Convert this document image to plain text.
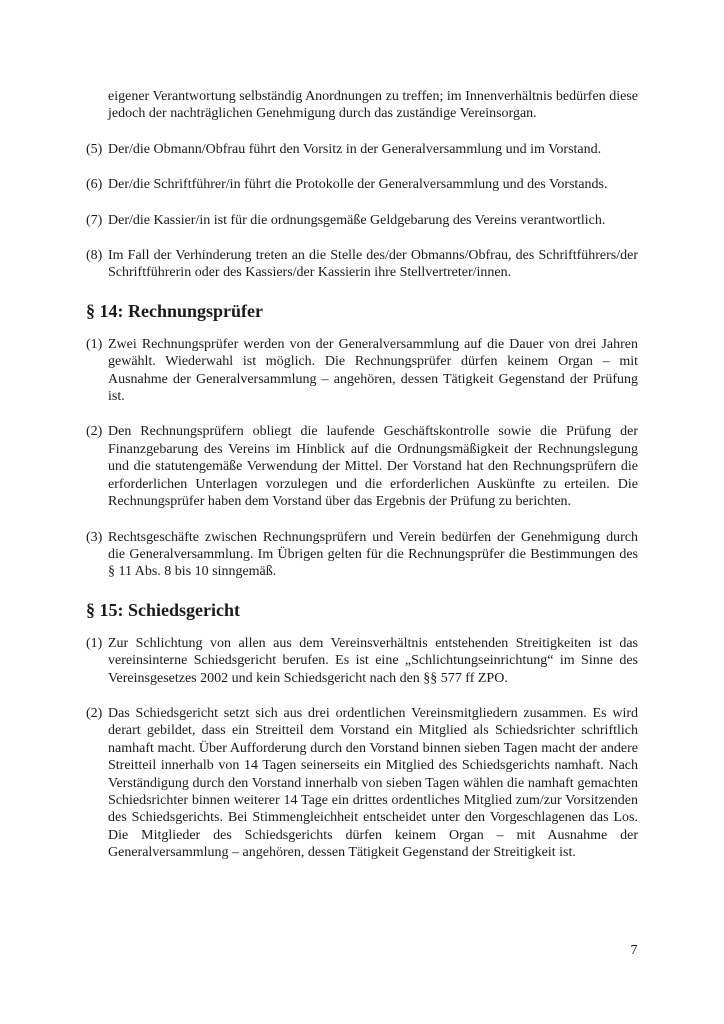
eigener Verantwortung selbständig Anordnungen zu treffen; im Innenverhältnis bedürfen diese jedoch der nachträglichen Genehmigung durch das zuständige Vereinsorgan.

(5) Der/die Obmann/Obfrau führt den Vorsitz in der Generalversammlung und im Vorstand.
(6) Der/die Schriftführer/in führt die Protokolle der Generalversammlung und des Vorstands.
(7) Der/die Kassier/in ist für die ordnungsgemäße Geldgebarung des Vereins verantwortlich.
(8) Im Fall der Verhinderung treten an die Stelle des/der Obmanns/Obfrau, des Schriftführers/der Schriftführerin oder des Kassiers/der Kassierin ihre Stellvertreter/innen.
§ 14: Rechnungsprüfer
(1) Zwei Rechnungsprüfer werden von der Generalversammlung auf die Dauer von drei Jahren gewählt. Wiederwahl ist möglich. Die Rechnungsprüfer dürfen keinem Organ – mit Ausnahme der Generalversammlung – angehören, dessen Tätigkeit Gegenstand der Prüfung ist.
(2) Den Rechnungsprüfern obliegt die laufende Geschäftskontrolle sowie die Prüfung der Finanzgebarung des Vereins im Hinblick auf die Ordnungsmäßigkeit der Rechnungslegung und die statutengemäße Verwendung der Mittel. Der Vorstand hat den Rechnungsprüfern die erforderlichen Unterlagen vorzulegen und die erforderlichen Auskünfte zu erteilen. Die Rechnungsprüfer haben dem Vorstand über das Ergebnis der Prüfung zu berichten.
(3) Rechtsgeschäfte zwischen Rechnungsprüfern und Verein bedürfen der Genehmigung durch die Generalversammlung. Im Übrigen gelten für die Rechnungsprüfer die Bestimmungen des § 11 Abs. 8 bis 10 sinngemäß.
§ 15: Schiedsgericht
(1) Zur Schlichtung von allen aus dem Vereinsverhältnis entstehenden Streitigkeiten ist das vereinsinterne Schiedsgericht berufen. Es ist eine „Schlichtungseinrichtung“ im Sinne des Vereinsgesetzes 2002 und kein Schiedsgericht nach den §§ 577 ff ZPO.
(2) Das Schiedsgericht setzt sich aus drei ordentlichen Vereinsmitgliedern zusammen. Es wird derart gebildet, dass ein Streitteil dem Vorstand ein Mitglied als Schiedsrichter schriftlich namhaft macht. Über Aufforderung durch den Vorstand binnen sieben Tagen macht der andere Streitteil innerhalb von 14 Tagen seinerseits ein Mitglied des Schiedsgerichts namhaft. Nach Verständigung durch den Vorstand innerhalb von sieben Tagen wählen die namhaft gemachten Schiedsrichter binnen weiterer 14 Tage ein drittes ordentliches Mitglied zum/zur Vorsitzenden des Schiedsgerichts. Bei Stimmengleichheit entscheidet unter den Vorgeschlagenen das Los. Die Mitglieder des Schiedsgerichts dürfen keinem Organ – mit Ausnahme der Generalversammlung – angehören, dessen Tätigkeit Gegenstand der Streitigkeit ist.
7
